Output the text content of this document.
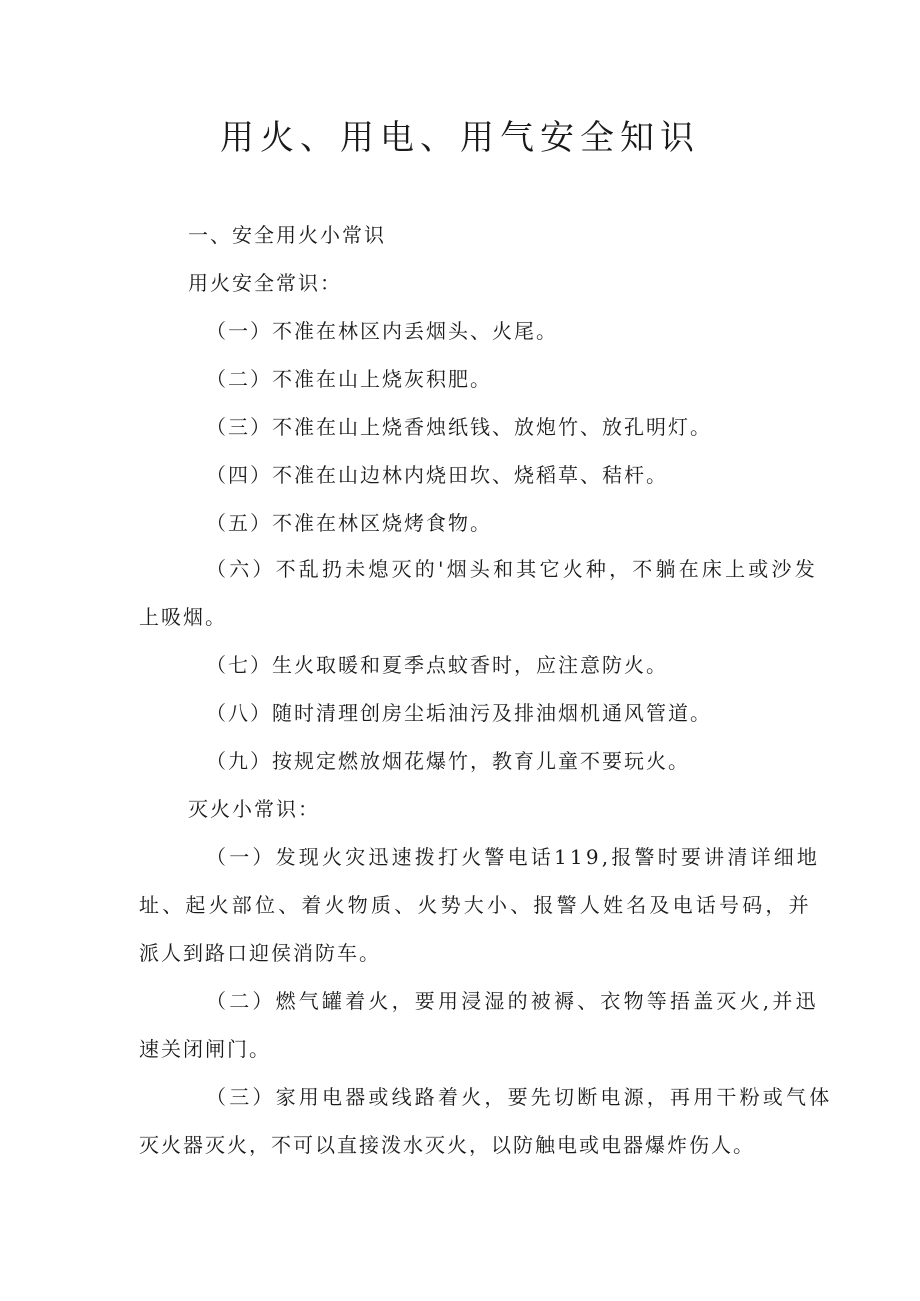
用火、用电、用气安全知识

一、安全用火小常识

用火安全常识：

（一）不准在林区内丢烟头、火尾。

（二）不准在山上烧灰积肥。

（三）不准在山上烧香烛纸钱、放炮竹、放孔明灯。

（四）不准在山边林内烧田坎、烧稻草、秸杆。

（五）不准在林区烧烤食物。

（六）不乱扔未熄灭的'烟头和其它火种，不躺在床上或沙发

上吸烟。

（七）生火取暖和夏季点蚊香时，应注意防火。

（八）随时清理创房尘垢油污及排油烟机通风管道。

（九）按规定燃放烟花爆竹，教育儿童不要玩火。

灭火小常识：

（一）发现火灾迅速拨打火警电话119,报警时要讲清详细地

址、起火部位、着火物质、火势大小、报警人姓名及电话号码，并

派人到路口迎侯消防车。

（二）燃气罐着火，要用浸湿的被褥、衣物等捂盖灭火,并迅

速关闭闸门。

（三）家用电器或线路着火，要先切断电源，再用干粉或气体

灭火器灭火，不可以直接泼水灭火，以防触电或电器爆炸伤人。
